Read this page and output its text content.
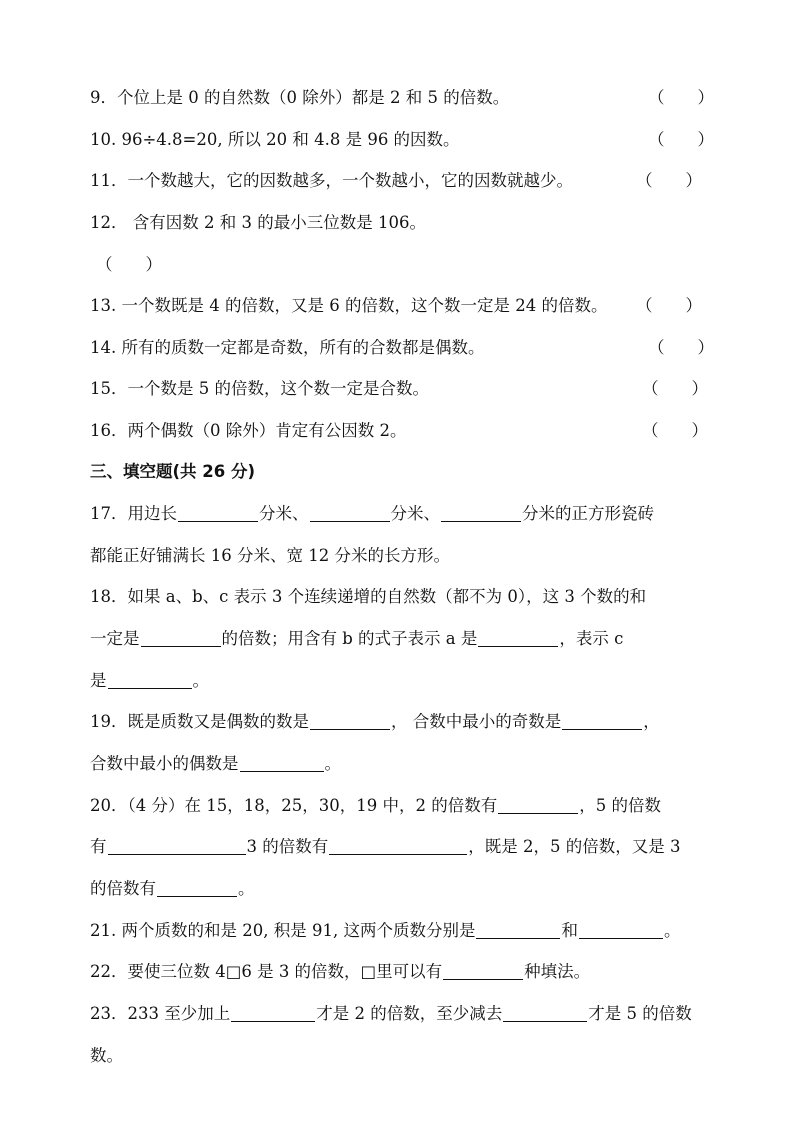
9．个位上是 0 的自然数（0 除外）都是 2 和 5 的倍数。	（　　）
10. 96÷4.8=20, 所以 20 和 4.8 是 96 的因数。	（　　）
11．一个数越大，它的因数越多，一个数越小，它的因数就越少。	（　　）
12． 含有因数 2 和 3 的最小三位数是 106。
（　　）
13. 一个数既是 4 的倍数，又是 6 的倍数，这个数一定是 24 的倍数。 （　　）
14. 所有的质数一定都是奇数，所有的合数都是偶数。	（　　）
15．一个数是 5 的倍数，这个数一定是合数。	（　　）
16．两个偶数（0 除外）肯定有公因数 2。	（　　）
三、填空题(共 26 分)
17．用边长	分米、	分米、	分米的正方形瓷砖
都能正好铺满长 16 分米、宽 12 分米的长方形。
18．如果 a、b、c 表示 3 个连续递增的自然数（都不为 0），这 3 个数的和
一定是	的倍数；用含有 b 的式子表示 a 是	，表示 c
是	。
19．既是质数又是偶数的数是	， 合数中最小的奇数是	，
合数中最小的偶数是	。
20．（4 分）在 15，18，25，30，19 中，2 的倍数有	，5 的倍数
有	3 的倍数有	，既是 2，5 的倍数，又是 3
的倍数有	。
21. 两个质数的和是 20, 积是 91, 这两个质数分别是	和	。
22．要使三位数 4□6 是 3 的倍数，□里可以有	种填法。
23．233 至少加上	才是 2 的倍数，至少减去	才是 5 的倍数
数。
